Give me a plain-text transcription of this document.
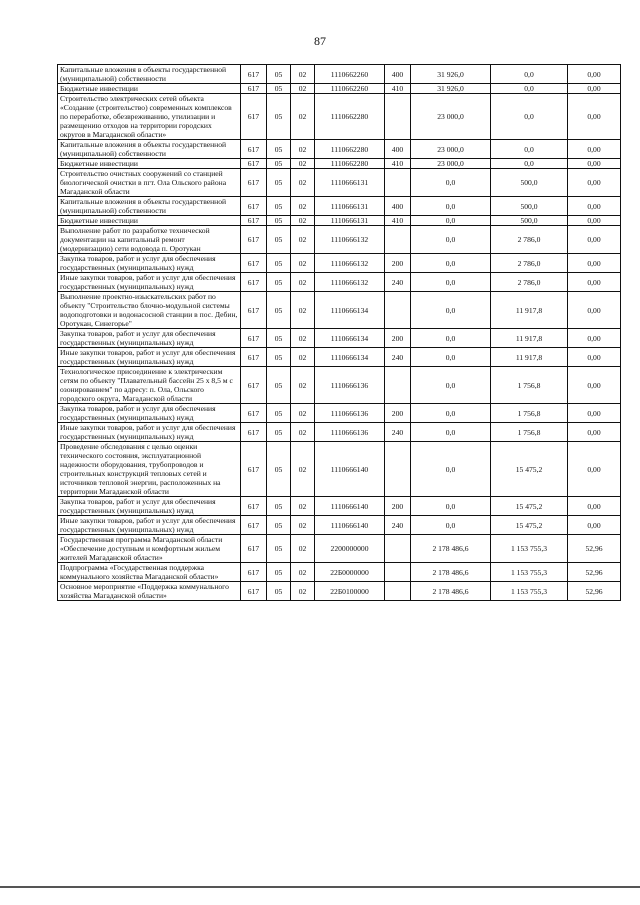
87
Капитальные вложения в объекты государственной (муниципальной) собственности	617	05	02	1110662260	400	31 926,0	0,0	0,00
Бюджетные инвестиции	617	05	02	1110662260	410	31 926,0	0,0	0,00
Строительство электрических сетей объекта «Создание (строительство) современных комплексов по переработке, обезвреживанию, утилизации и размещению отходов на территории городских округов в Магаданской области»	617	05	02	1110662280		23 000,0	0,0	0,00
Капитальные вложения в объекты государственной (муниципальной) собственности	617	05	02	1110662280	400	23 000,0	0,0	0,00
Бюджетные инвестиции	617	05	02	1110662280	410	23 000,0	0,0	0,00
Строительство очистных сооружений со станцией биологической очистки в пгт. Ола Ольского района Магаданской области	617	05	02	1110666131		0,0	500,0	0,00
Капитальные вложения в объекты государственной (муниципальной) собственности	617	05	02	1110666131	400	0,0	500,0	0,00
Бюджетные инвестиции	617	05	02	1110666131	410	0,0	500,0	0,00
Выполнение работ по разработке технической документации на капитальный ремонт (модернизацию) сети водовода п. Оротукан	617	05	02	1110666132		0,0	2 786,0	0,00
Закупка товаров, работ и услуг для обеспечения государственных (муниципальных) нужд	617	05	02	1110666132	200	0,0	2 786,0	0,00
Иные закупки товаров, работ и услуг для обеспечения государственных (муниципальных) нужд	617	05	02	1110666132	240	0,0	2 786,0	0,00
Выполнение проектно-изыскательских работ по объекту "Строительство блочно-модульной системы водоподготовки и водонасосной станции в пос. Дебин, Оротукан, Синегорье"	617	05	02	1110666134		0,0	11 917,8	0,00
Закупка товаров, работ и услуг для обеспечения государственных (муниципальных) нужд	617	05	02	1110666134	200	0,0	11 917,8	0,00
Иные закупки товаров, работ и услуг для обеспечения государственных (муниципальных) нужд	617	05	02	1110666134	240	0,0	11 917,8	0,00
Технологическое присоединение к электрическим сетям по объекту "Плавательный бассейн 25 x 8,5 м с озонированием" по адресу: п. Ола, Ольского городского округа, Магаданской области	617	05	02	1110666136		0,0	1 756,8	0,00
Закупка товаров, работ и услуг для обеспечения государственных (муниципальных) нужд	617	05	02	1110666136	200	0,0	1 756,8	0,00
Иные закупки товаров, работ и услуг для обеспечения государственных (муниципальных) нужд	617	05	02	1110666136	240	0,0	1 756,8	0,00
Проведение обследования с целью оценки технического состояния, эксплуатационной надежности оборудования, трубопроводов и строительных конструкций тепловых сетей и источников тепловой энергии, расположенных на территории Магаданской области	617	05	02	1110666140		0,0	15 475,2	0,00
Закупка товаров, работ и услуг для обеспечения государственных (муниципальных) нужд	617	05	02	1110666140	200	0,0	15 475,2	0,00
Иные закупки товаров, работ и услуг для обеспечения государственных (муниципальных) нужд	617	05	02	1110666140	240	0,0	15 475,2	0,00
Государственная программа Магаданской области «Обеспечение доступным и комфортным жильем жителей Магаданской области»	617	05	02	2200000000		2 178 486,6	1 153 755,3	52,96
Подпрограмма «Государственная поддержка коммунального хозяйства Магаданской области»	617	05	02	22Б0000000		2 178 486,6	1 153 755,3	52,96
Основное мероприятие «Поддержка коммунального хозяйства Магаданской области»	617	05	02	22Б0100000		2 178 486,6	1 153 755,3	52,96
